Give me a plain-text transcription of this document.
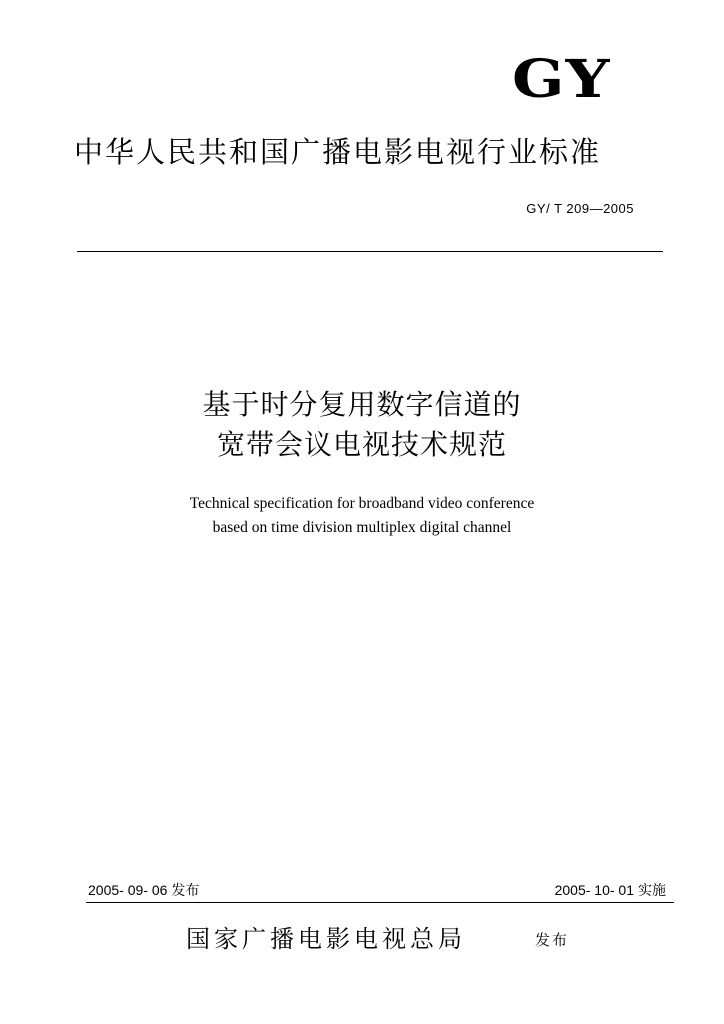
GY
中华人民共和国广播电影电视行业标准
GY/ T 209—2005
基于时分复用数字信道的
宽带会议电视技术规范
Technical specification for broadband video conference
based on time division multiplex digital channel
2005- 09- 06 发布	2005- 10- 01 实施
国家广播电影电视总局	发布
